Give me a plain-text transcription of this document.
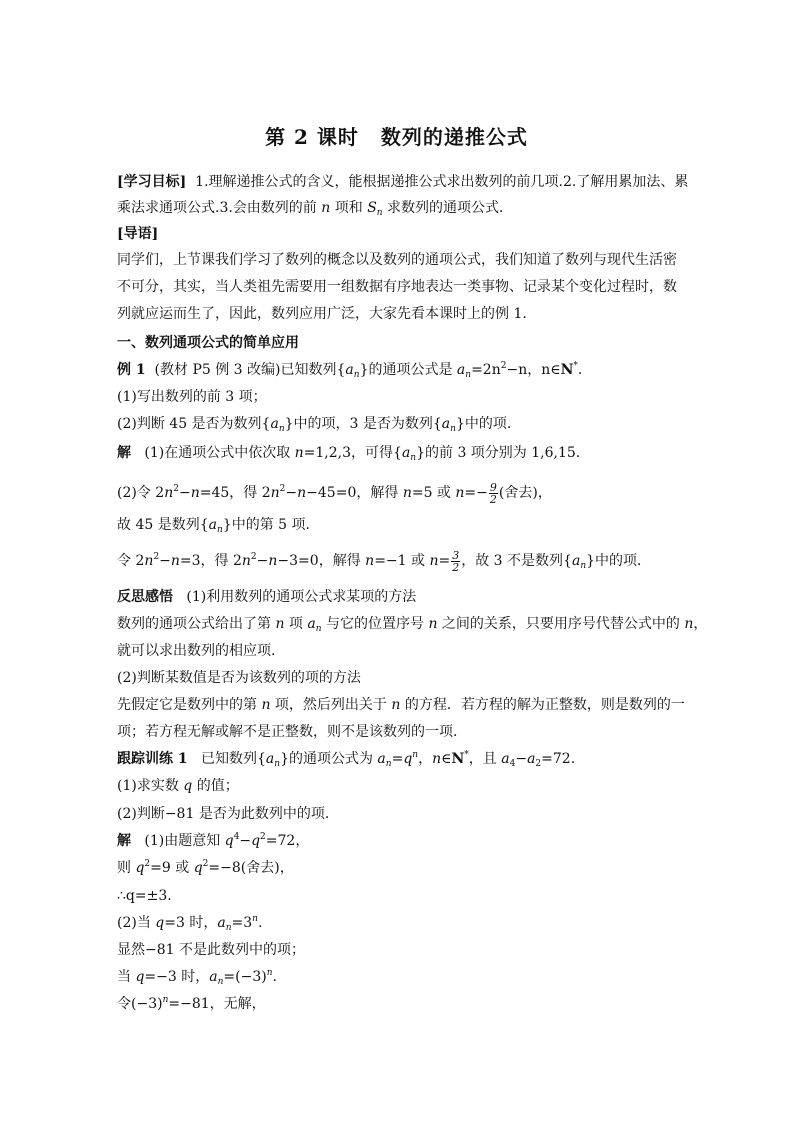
第 2 课时 数列的递推公式
[学习目标] 1.理解递推公式的含义，能根据递推公式求出数列的前几项.2.了解用累加法、累
乘法求通项公式.3.会由数列的前 n 项和 $S_n$ 求数列的通项公式．
[导语]
同学们，上节课我们学习了数列的概念以及数列的通项公式，我们知道了数列与现代生活密
不可分，其实，当人类祖先需要用一组数据有序地表达一类事物、记录某个变化过程时，数
列就应运而生了，因此，数列应用广泛，大家先看本课时上的例 1.
一、数列通项公式的简单应用
例 1 (教材 P5 例 3 改编)已知数列$\{a_n\}$的通项公式是 $a_n=2n^2-n$，n∈N*.
(1)写出数列的前 3 项；
(2)判断 45 是否为数列$\{a_n\}$中的项，3 是否为数列$\{a_n\}$中的项.
解 (1)在通项公式中依次取 n=1,2,3，可得$\{a_n\}$的前 3 项分别为 1,6,15.
(2)令 $2n^2-n=45$，得 $2n^2-n-45=0$，解得 n=5 或 $n=- \frac{9}{2}$ (舍去)，
故 45 是数列$\{a_n\}$中的第 5 项．
令 $2n^2-n=3$，得 $2n^2-n-3=0$，解得 n=−1 或 $n= \frac{3}{2}$ ，故 3 不是数列$\{a_n\}$中的项．
反思感悟 (1)利用数列的通项公式求某项的方法
数列的通项公式给出了第 n 项 $a_n$ 与它的位置序号 n 之间的关系，只要用序号代替公式中的 n，
就可以求出数列的相应项.
(2)判断某数值是否为该数列的项的方法
先假定它是数列中的第 n 项，然后列出关于 n 的方程．若方程的解为正整数，则是数列的一
项；若方程无解或解不是正整数，则不是该数列的一项.
跟踪训练 1 已知数列$\{a_n\}$的通项公式为 $a_n=q^n$，n∈N*，且 $a_4-a_2=72$.
(1)求实数 q 的值；
(2)判断−81 是否为此数列中的项．
解 (1)由题意知 $q^4-q^2=72$，
则 $q^2=9$ 或 $q^2=-8$(舍去)，
∴q=±3.
(2)当 q=3 时，$a_n=3^n$.
显然−81 不是此数列中的项；
当 q=−3 时，$a_n=(-3)^n$.
令$(-3)^n=-81$，无解，
